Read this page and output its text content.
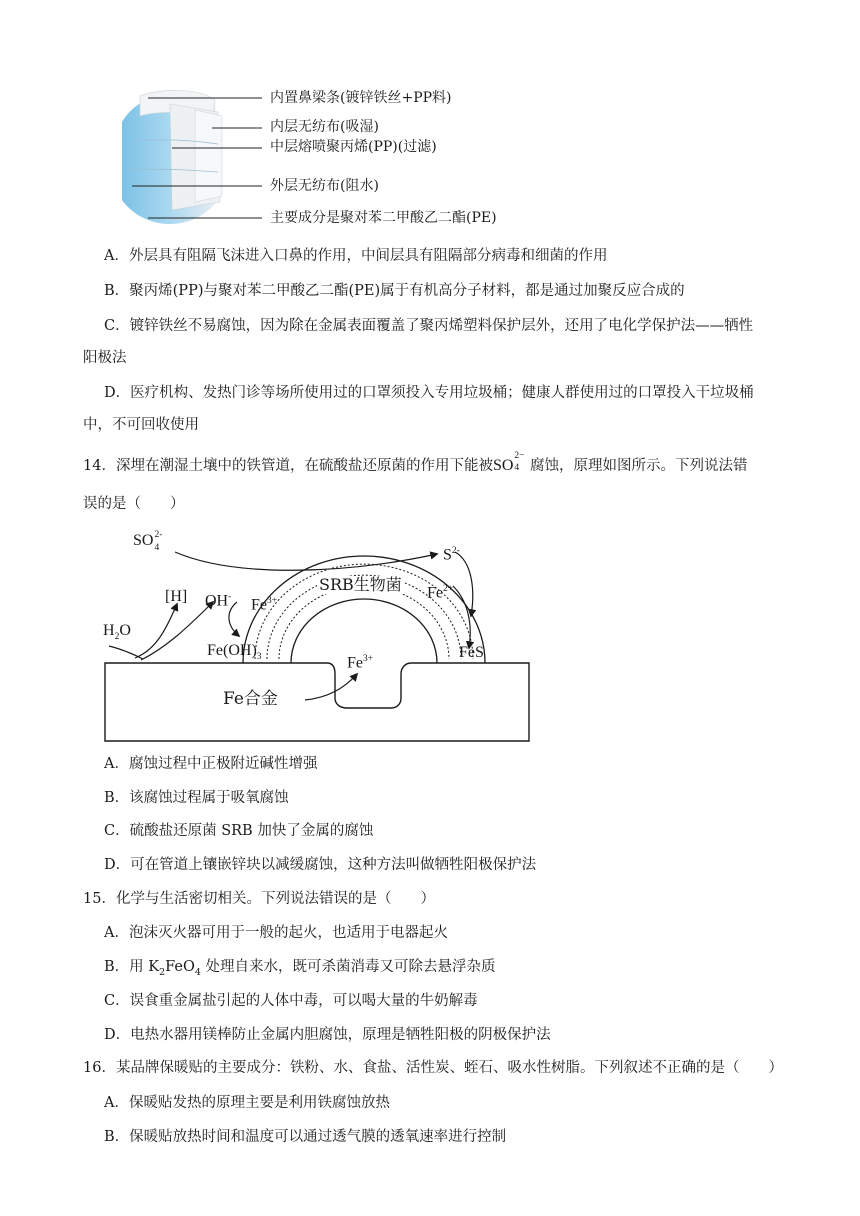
内置鼻梁条(镀锌铁丝+PP料)
内层无纺布(吸湿)
中层熔喷聚丙烯(PP)(过滤)
外层无纺布(阻水)
主要成分是聚对苯二甲酸乙二酯(PE)
A．外层具有阻隔飞沫进入口鼻的作用，中间层具有阻隔部分病毒和细菌的作用
B．聚丙烯(PP)与聚对苯二甲酸乙二酯(PE)属于有机高分子材料，都是通过加聚反应合成的
C．镀锌铁丝不易腐蚀，因为除在金属表面覆盖了聚丙烯塑料保护层外，还用了电化学保护法——牺性
阳极法
D．医疗机构、发热门诊等场所使用过的口罩须投入专用垃圾桶；健康人群使用过的口罩投入干垃圾桶
中，不可回收使用
14．深埋在潮湿土壤中的铁管道，在硫酸盐还原菌的作用下能被SO
2−
4 腐蚀，原理如图所示。下列说法错
误的是（　　）
SO 2-
4	$S^{2-}$
[H] OH- $Fe^{3+}$
$H_2O$
SRB生物菌 $Fe^{2+}$
$Fe(OH)_3$	$Fe^{3+}$	FeS
Fe合金
A．腐蚀过程中正极附近碱性增强
B．该腐蚀过程属于吸氧腐蚀
C．硫酸盐还原菌 SRB 加快了金属的腐蚀
D．可在管道上镶嵌锌块以减缓腐蚀，这种方法叫做牺牲阳极保护法
15．化学与生活密切相关。下列说法错误的是（　　）
A．泡沫灭火器可用于一般的起火，也适用于电器起火
B．用 $K_2FeO_4$ 处理自来水，既可杀菌消毒又可除去悬浮杂质
C．误食重金属盐引起的人体中毒，可以喝大量的牛奶解毒
D．电热水器用镁棒防止金属内胆腐蚀，原理是牺牲阳极的阴极保护法
16．某品牌保暖贴的主要成分：铁粉、水、食盐、活性炭、蛭石、吸水性树脂。下列叙述不正确的是（　　）
A．保暖贴发热的原理主要是利用铁腐蚀放热
B．保暖贴放热时间和温度可以通过透气膜的透氧速率进行控制
